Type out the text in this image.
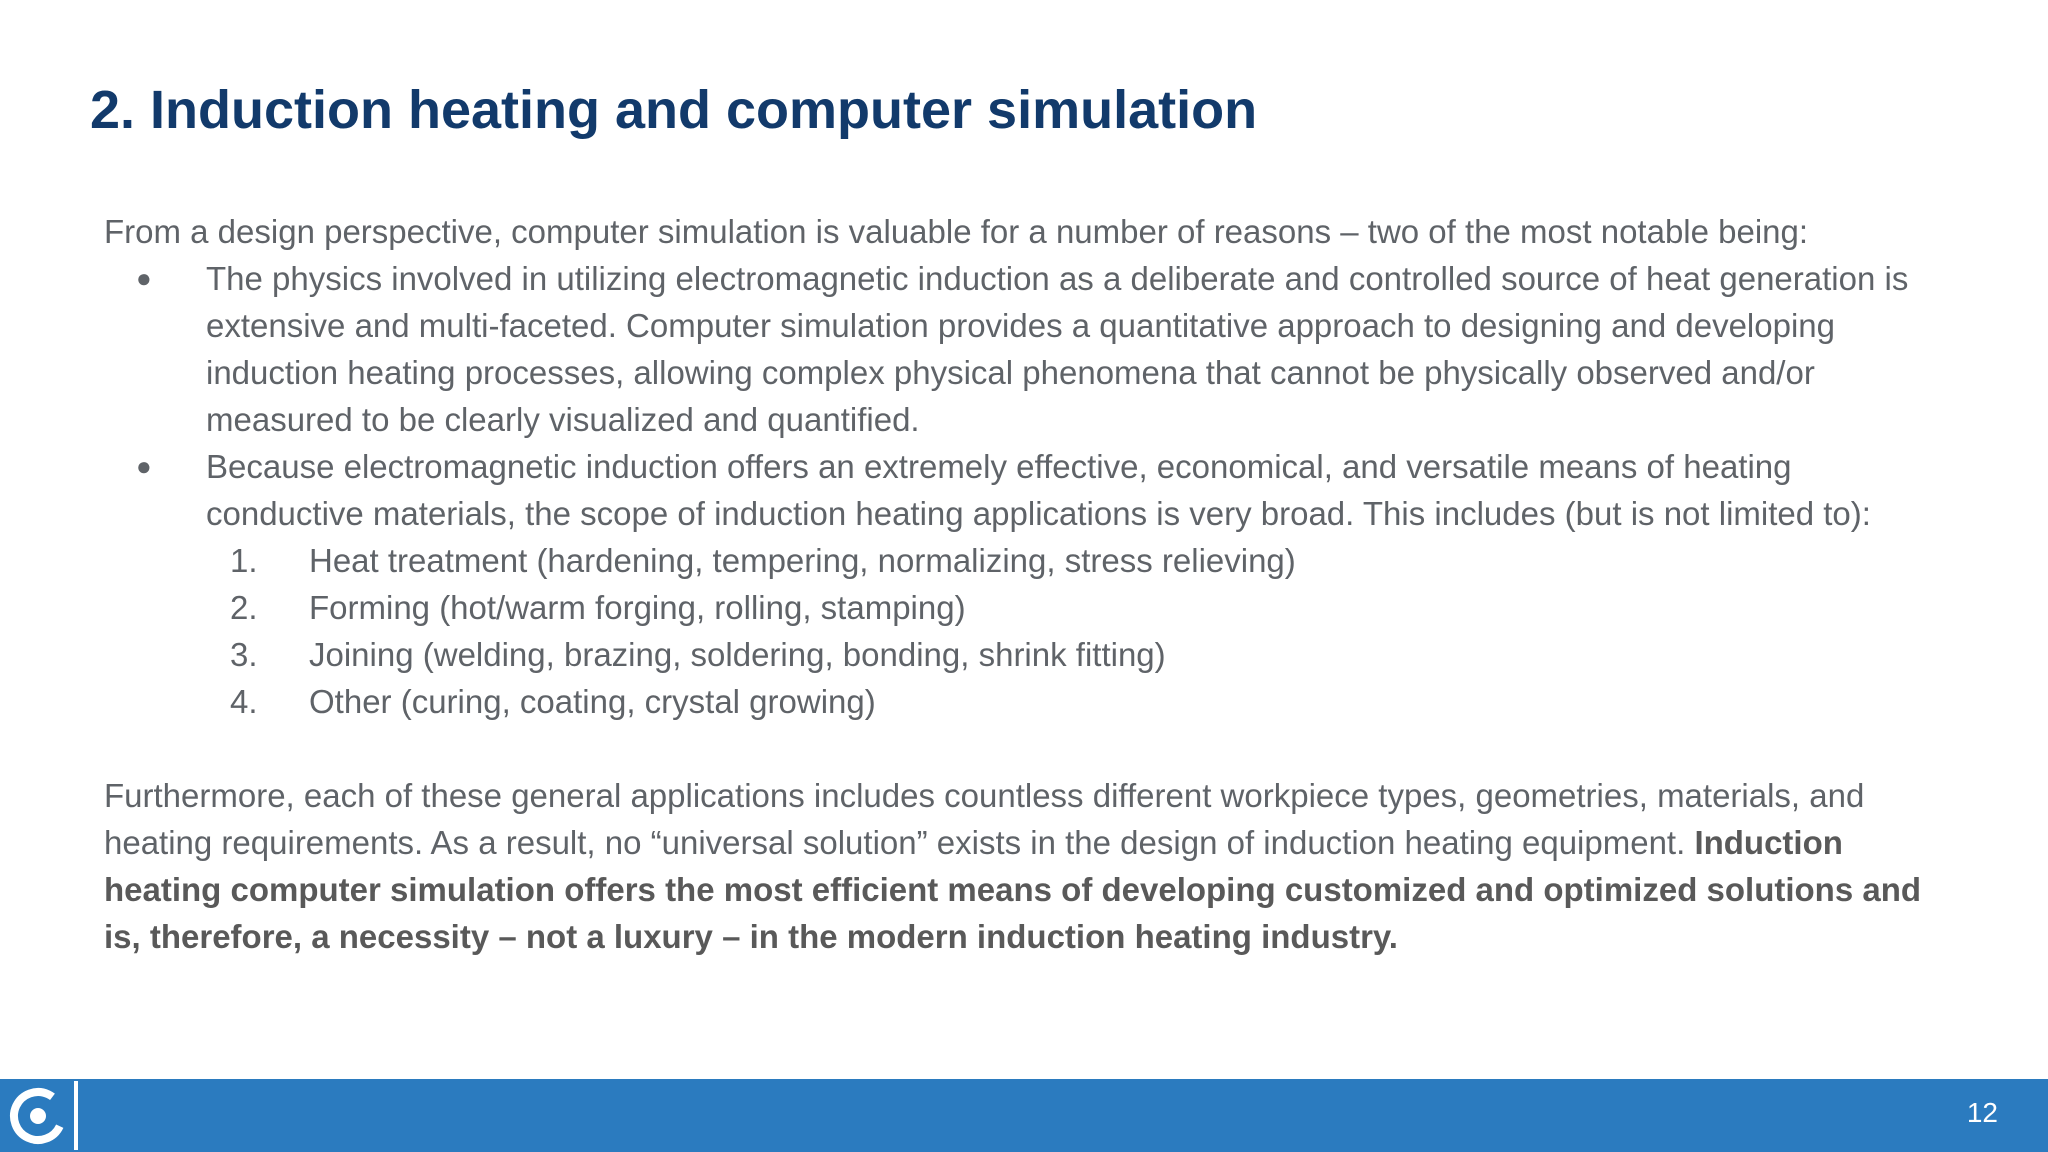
2. Induction heating and computer simulation

From a design perspective, computer simulation is valuable for a number of reasons – two of the most notable being:

● The physics involved in utilizing electromagnetic induction as a deliberate and controlled source of heat generation is extensive and multi-faceted. Computer simulation provides a quantitative approach to designing and developing induction heating processes, allowing complex physical phenomena that cannot be physically observed and/or measured to be clearly visualized and quantified.
● Because electromagnetic induction offers an extremely effective, economical, and versatile means of heating conductive materials, the scope of induction heating applications is very broad. This includes (but is not limited to):
1. Heat treatment (hardening, tempering, normalizing, stress relieving)
2. Forming (hot/warm forging, rolling, stamping)
3. Joining (welding, brazing, soldering, bonding, shrink fitting)
4. Other (curing, coating, crystal growing)

Furthermore, each of these general applications includes countless different workpiece types, geometries, materials, and heating requirements. As a result, no “universal solution” exists in the design of induction heating equipment. Induction heating computer simulation offers the most efficient means of developing customized and optimized solutions and is, therefore, a necessity – not a luxury – in the modern induction heating industry.

12
